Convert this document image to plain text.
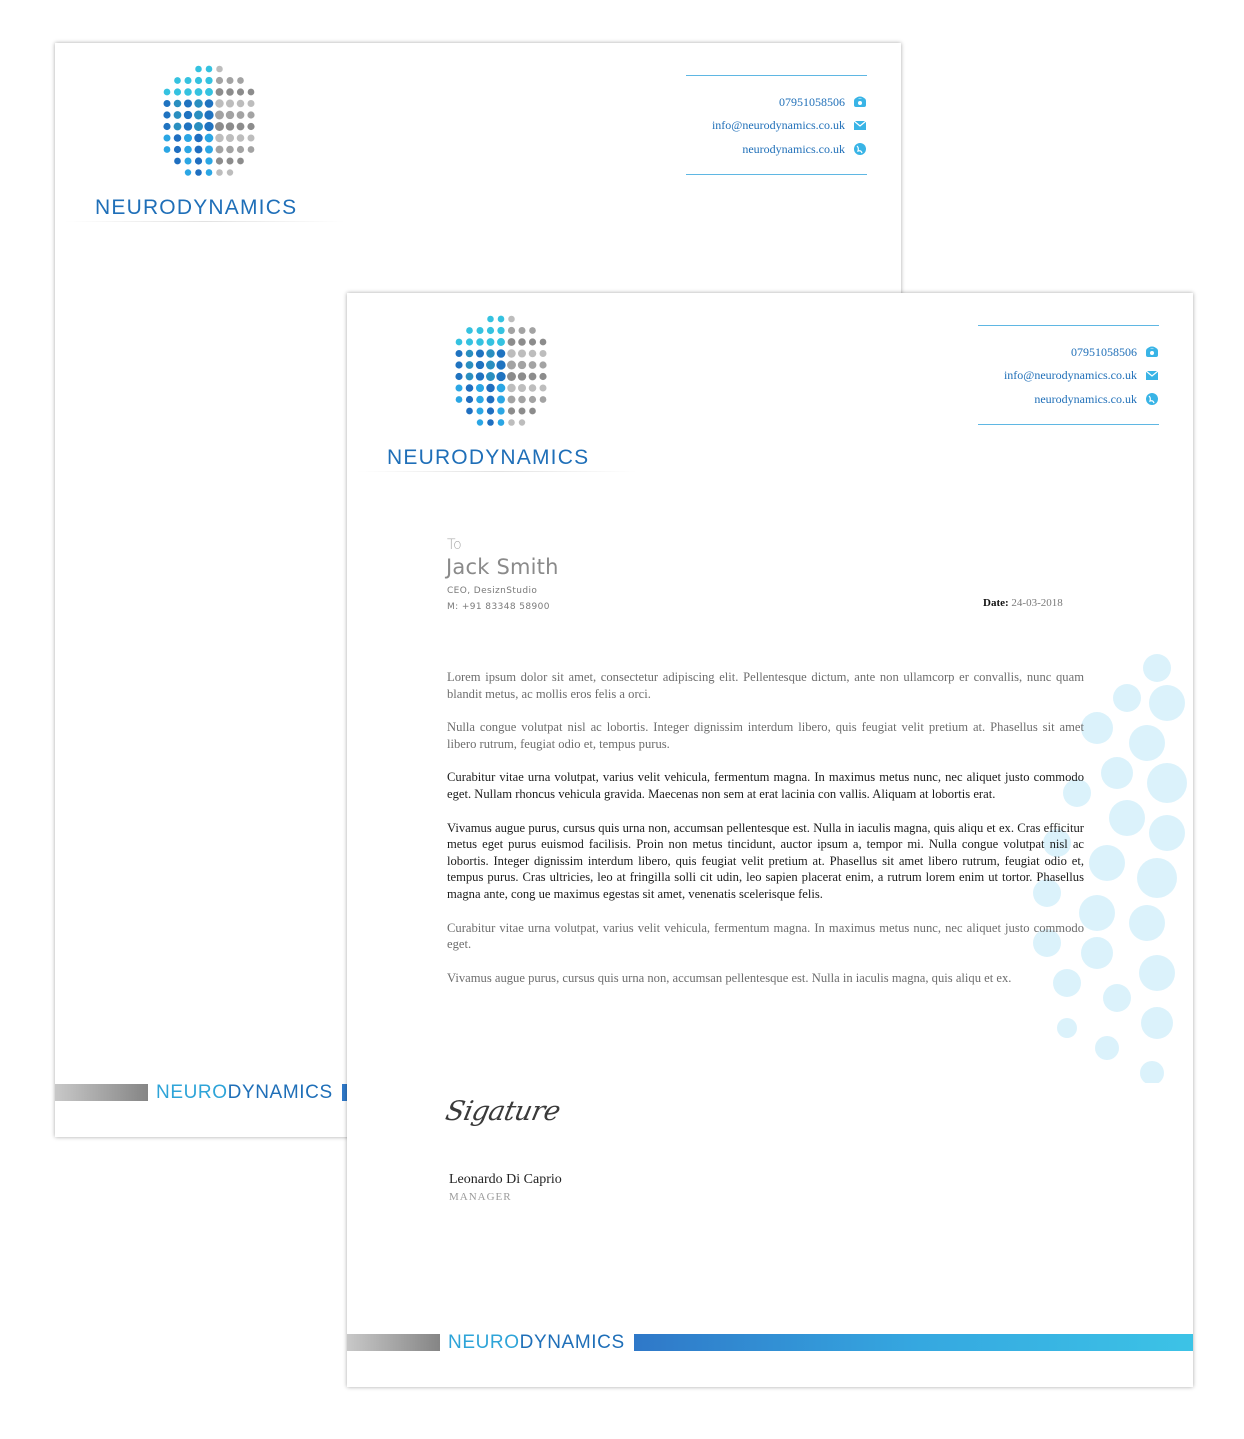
NEURODYNAMICS
07951058506
info@neurodynamics.co.uk
neurodynamics.co.uk
NEURODYNAMICS
NEURODYNAMICS
07951058506
info@neurodynamics.co.uk
neurodynamics.co.uk
To
Jack Smith
CEO, DesiznStudio
M: +91 83348 58900	Date: 24-03-2018

Lorem ipsum dolor sit amet, consectetur adipiscing elit. Pellentesque dictum, ante non ullamcorp er convallis, nunc quam blandit metus, ac mollis eros felis a orci.

Nulla congue volutpat nisl ac lobortis. Integer dignissim interdum libero, quis feugiat velit pretium at. Phasellus sit amet libero rutrum, feugiat odio et, tempus purus.

Curabitur vitae urna volutpat, varius velit vehicula, fermentum magna. In maximus metus nunc, nec aliquet justo commodo eget. Nullam rhoncus vehicula gravida. Maecenas non sem at erat lacinia con vallis. Aliquam at lobortis erat.

Vivamus augue purus, cursus quis urna non, accumsan pellentesque est. Nulla in iaculis magna, quis aliqu et ex. Cras efficitur metus eget purus euismod facilisis. Proin non metus tincidunt, auctor ipsum a, tempor mi. Nulla congue volutpat nisl ac lobortis. Integer dignissim interdum libero, quis feugiat velit pretium at. Phasellus sit amet libero rutrum, feugiat odio et, tempus purus. Cras ultricies, leo at fringilla solli cit udin, leo sapien placerat enim, a rutrum lorem enim ut tortor. Phasellus magna ante, cong ue maximus egestas sit amet, venenatis scelerisque felis.

Curabitur vitae urna volutpat, varius velit vehicula, fermentum magna. In maximus metus nunc, nec aliquet justo commodo eget.

Vivamus augue purus, cursus quis urna non, accumsan pellentesque est. Nulla in iaculis magna, quis aliqu et ex.

Sigature
Leonardo Di Caprio
MANAGER
NEURODYNAMICS
